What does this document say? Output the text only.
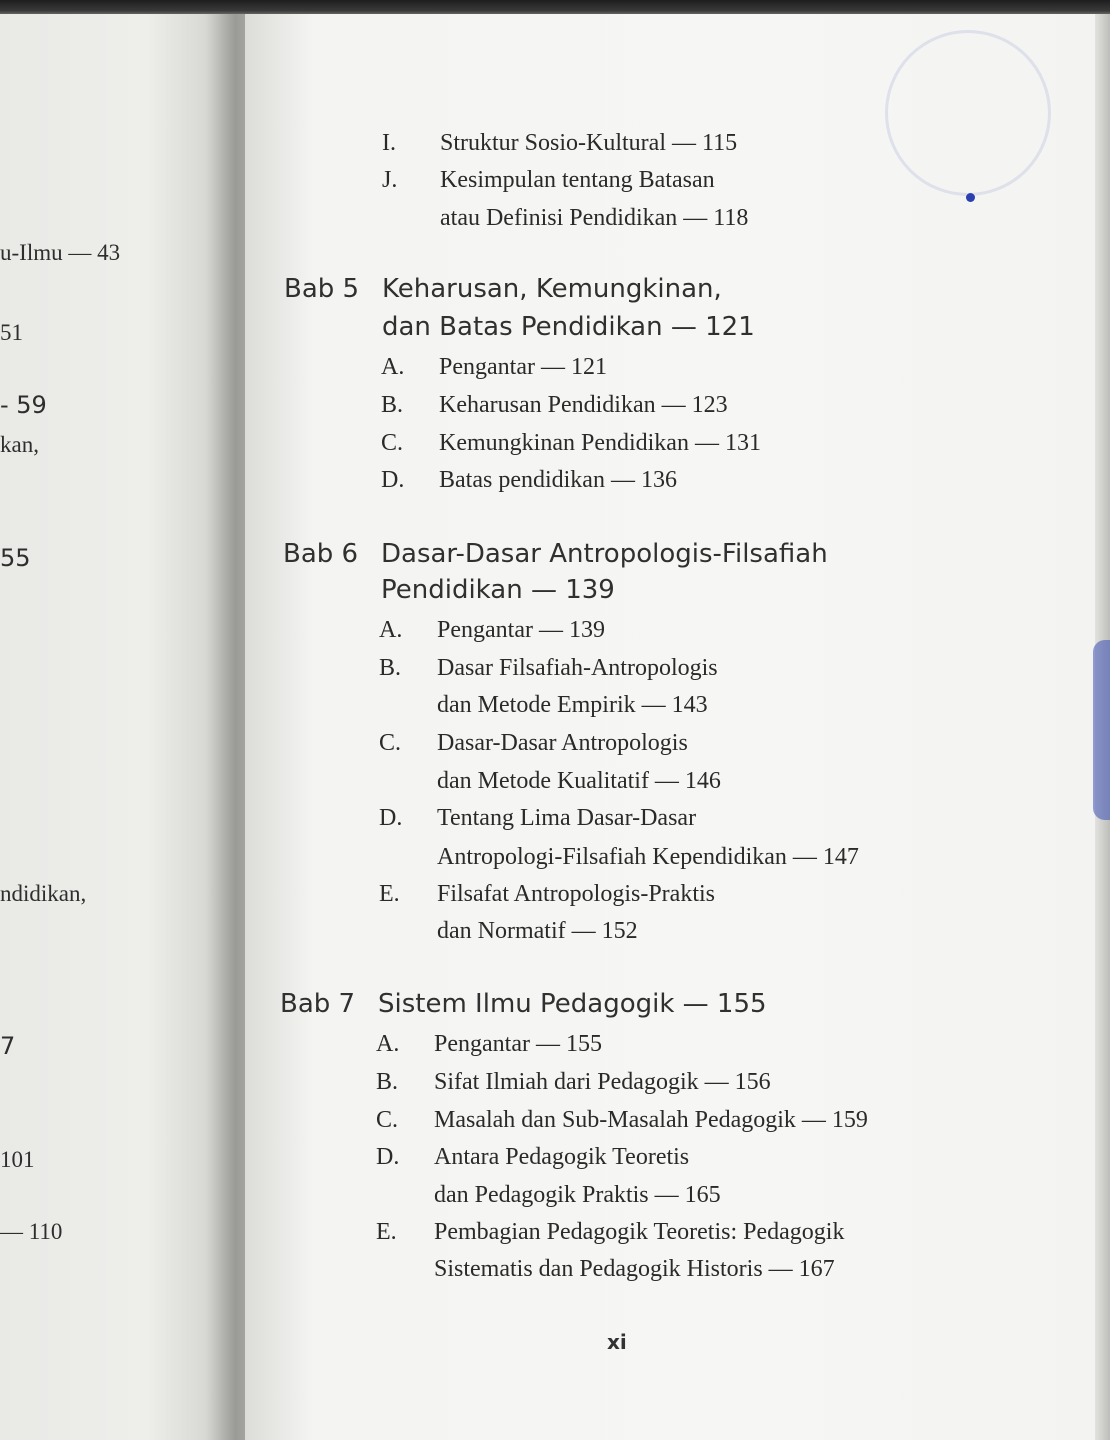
u-Ilmu — 43
51
- 59
kan,
55
ndidikan,
7
101
— 110
I. Struktur Sosio-Kultural — 115
J. Kesimpulan tentang Batasan
atau Definisi Pendidikan — 118
Bab 5 Keharusan, Kemungkinan,
dan Batas Pendidikan — 121
A. Pengantar — 121
B. Keharusan Pendidikan — 123
C. Kemungkinan Pendidikan — 131
D. Batas pendidikan — 136
Bab 6 Dasar-Dasar Antropologis-Filsafiah
Pendidikan — 139
A. Pengantar — 139
B. Dasar Filsafiah-Antropologis
dan Metode Empirik — 143
C. Dasar-Dasar Antropologis
dan Metode Kualitatif — 146
D. Tentang Lima Dasar-Dasar
Antropologi-Filsafiah Kependidikan — 147
E. Filsafat Antropologis-Praktis
dan Normatif — 152
Bab 7 Sistem Ilmu Pedagogik — 155
A. Pengantar — 155
B. Sifat Ilmiah dari Pedagogik — 156
C. Masalah dan Sub-Masalah Pedagogik — 159
D. Antara Pedagogik Teoretis
dan Pedagogik Praktis — 165
E. Pembagian Pedagogik Teoretis: Pedagogik
Sistematis dan Pedagogik Historis — 167
xi
